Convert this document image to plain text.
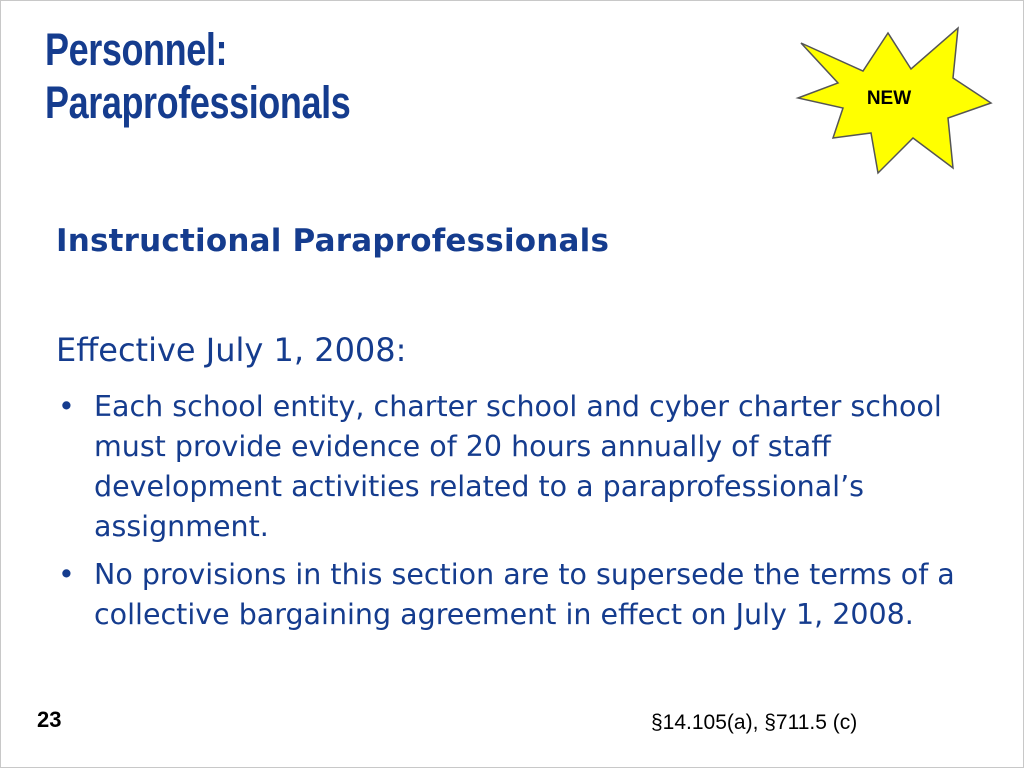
Personnel:
Paraprofessionals	NEW
Instructional Paraprofessionals

Effective July 1, 2008:

• Each school entity, charter school and cyber charter school must provide evidence of 20 hours annually of staff development activities related to a paraprofessional’s assignment.
• No provisions in this section are to supersede the terms of a collective bargaining agreement in effect on July 1, 2008.
23	§14.105(a), §711.5 (c)
